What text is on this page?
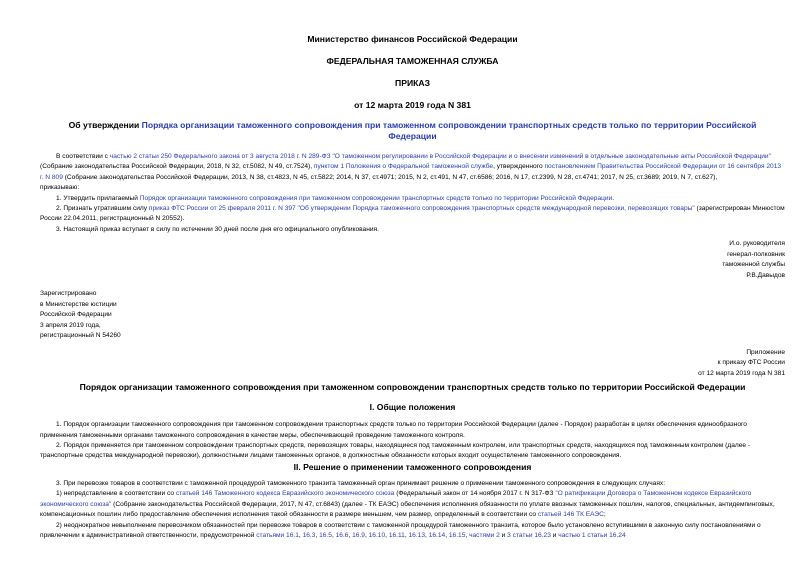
Министерство финансов Российской Федерации
ФЕДЕРАЛЬНАЯ ТАМОЖЕННАЯ СЛУЖБА
ПРИКАЗ
от 12 марта 2019 года N 381
Об утверждении Порядка организации таможенного сопровождения при таможенном сопровождении транспортных средств только по территории Российской Федерации

В соответствии с частью 2 статьи 250 Федерального закона от 3 августа 2018 г. N 289-ФЗ "О таможенном регулировании в Российской Федерации и о внесении изменений в отдельные законодательные акты Российской Федерации" (Собрание законодательства Российской Федерации, 2018, N 32, ст.5082, N 49, ст.7524), пунктом 1 Положения о Федеральной таможенной службе, утвержденного постановлением Правительства Российской Федерации от 16 сентября 2013 г. N 809 (Собрание законодательства Российской Федерации, 2013, N 38, ст.4823, N 45, ст.5822; 2014, N 37, ст.4971; 2015, N 2, ст.491, N 47, ст.6586; 2016, N 17, ст.2399, N 28, ст.4741; 2017, N 25, ст.3689; 2019, N 7, ст.627),

приказываю:

1. Утвердить прилагаемый Порядок организации таможенного сопровождения при таможенном сопровождении транспортных средств только по территории Российской Федерации.

2. Признать утратившим силу приказ ФТС России от 25 февраля 2011 г. N 397 "Об утверждении Порядка таможенного сопровождения транспортных средств международной перевозки, перевозящих товары" (зарегистрирован Минюстом России 22.04.2011, регистрационный N 20552).

3. Настоящий приказ вступает в силу по истечении 30 дней после дня его официального опубликования.

И.о. руководителя

генерал-полковник

таможенной службы

Р.В.Давыдов

Зарегистрировано

в Министерстве юстиции

Российской Федерации

3 апреля 2019 года,

регистрационный N 54260

Приложение

к приказу ФТС России

от 12 марта 2019 года N 381

Порядок организации таможенного сопровождения при таможенном сопровождении транспортных средств только по территории Российской Федерации
I. Общие положения

1. Порядок организации таможенного сопровождения при таможенном сопровождении транспортных средств только по территории Российской Федерации (далее - Порядок) разработан в целях обеспечения единообразного применения таможенными органами таможенного сопровождения в качестве меры, обеспечивающей проведение таможенного контроля.

2. Порядок применяется при таможенном сопровождении транспортных средств, перевозящих товары, находящиеся под таможенным контролем, или транспортных средств, находящихся под таможенным контролем (далее - транспортные средства международной перевозки), должностными лицами таможенных органов, в должностные обязанности которых входит осуществление таможенного сопровождения.

II. Решение о применении таможенного сопровождения

3. При перевозке товаров в соответствии с таможенной процедурой таможенного транзита таможенный орган принимает решение о применении таможенного сопровождения в следующих случаях:

1) непредставление в соответствии со статьей 146 Таможенного кодекса Евразийского экономического союза (Федеральный закон от 14 ноября 2017 г. N 317-ФЗ "О ратификации Договора о Таможенном кодексе Евразийского экономического союза" (Собрание законодательства Российской Федерации, 2017, N 47, ст.6843) (далее - ТК ЕАЭС) обеспечения исполнения обязанности по уплате ввозных таможенных пошлин, налогов, специальных, антидемпинговых, компенсационных пошлин либо предоставление обеспечения исполнения такой обязанности в размере меньшем, чем размер, определенный в соответствии со статьей 146 ТК ЕАЭС;

2) неоднократное невыполнение перевозчиком обязанностей при перевозке товаров в соответствии с таможенной процедурой таможенного транзита, которое было установлено вступившими в законную силу постановлениями о привлечении к административной ответственности, предусмотренной статьями 16.1, 16.3, 16.5, 16.6, 16.9, 16.10, 16.11, 16.13, 16.14, 16.15, частями 2 и 3 статьи 16.23 и частью 1 статьи 16.24
